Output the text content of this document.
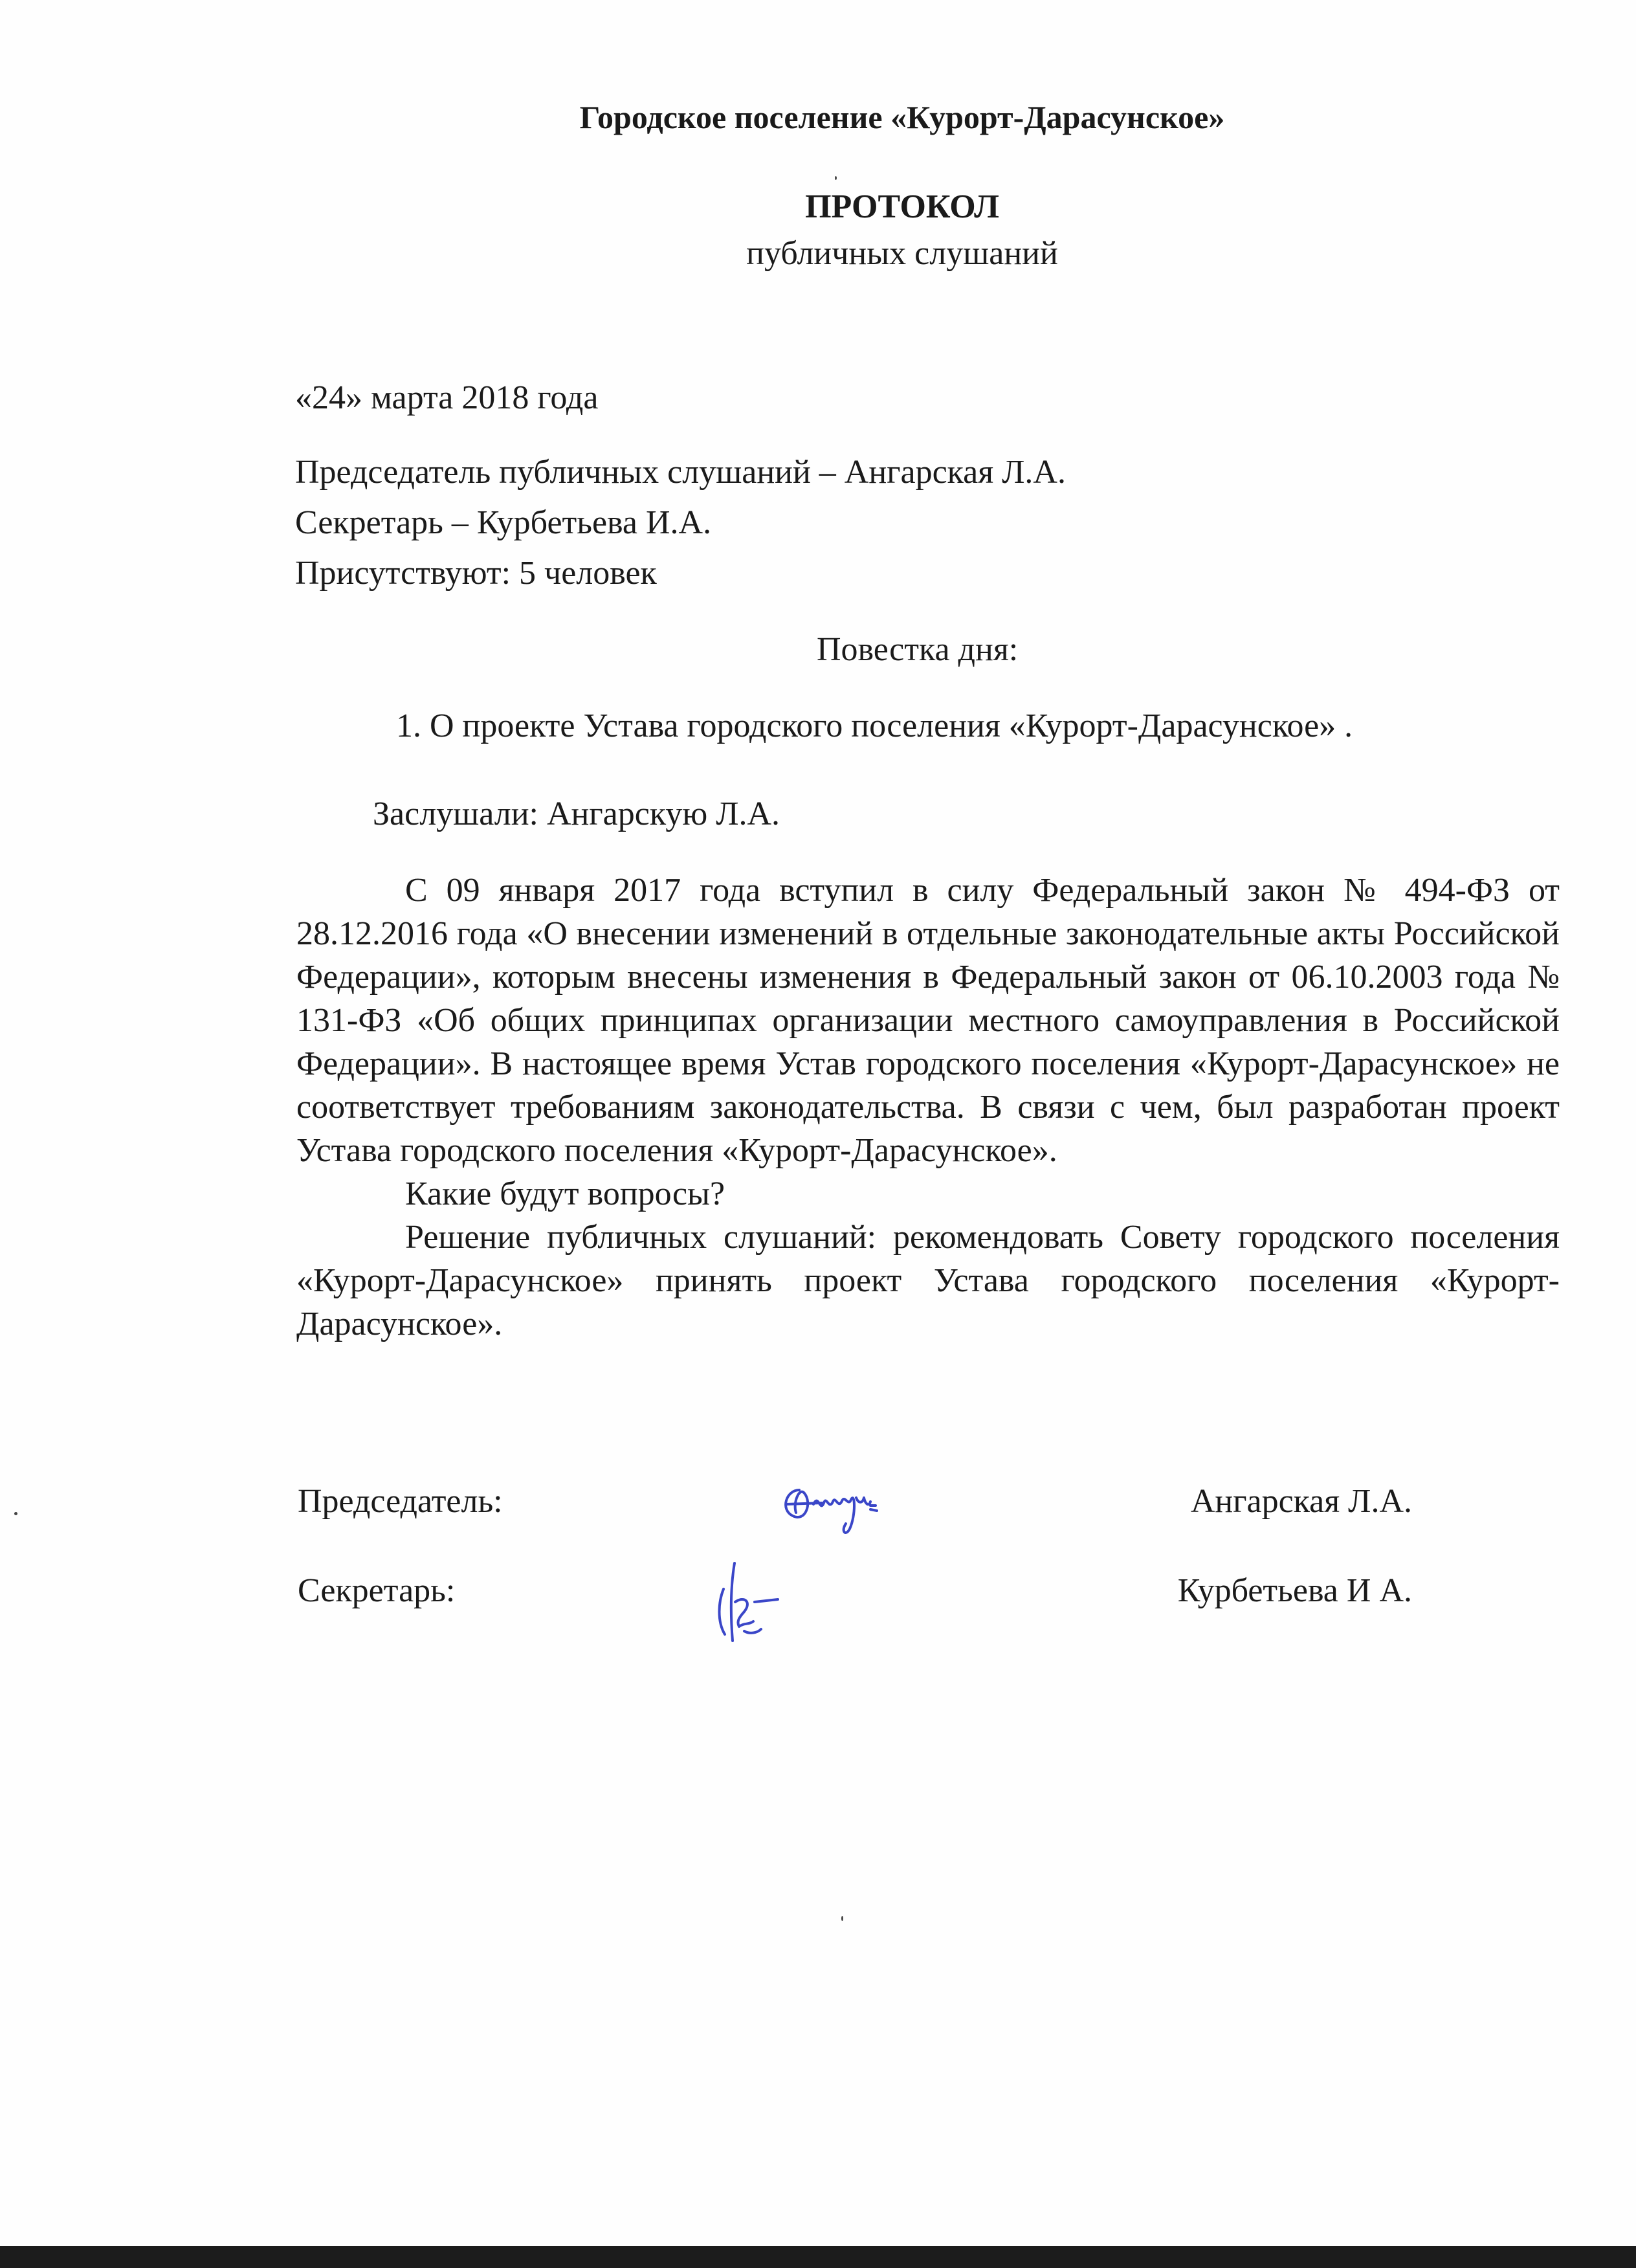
Городское поселение «Курорт-Дарасунское»
ПРОТОКОЛ
публичных слушаний
«24» марта 2018 года
Председатель публичных слушаний – Ангарская Л.А.
Секретарь – Курбетьева И.А.
Присутствуют: 5 человек
Повестка дня:
1. О проекте Устава городского поселения «Курорт-Дарасунское» .
Заслушали: Ангарскую Л.А.

С 09 января 2017 года вступил в силу Федеральный закон № 494-ФЗ от 28.12.2016 года «О внесении изменений в отдельные законодательные акты Российской Федерации», которым внесены изменения в Федеральный закон от 06.10.2003 года № 131-ФЗ «Об общих принципах организации местного самоуправления в Российской Федерации». В настоящее время Устав городского поселения «Курорт-Дарасунское» не соответствует требованиям законодательства. В связи с чем, был разработан проект Устава городского поселения «Курорт-Дарасунское».

Какие будут вопросы?

Решение публичных слушаний: рекомендовать Совету городского поселения «Курорт-Дарасунское» принять проект Устава городского поселения «Курорт-Дарасунское».

Председатель:	Ангарская Л.А.
Секретарь:	Курбетьева И А.
